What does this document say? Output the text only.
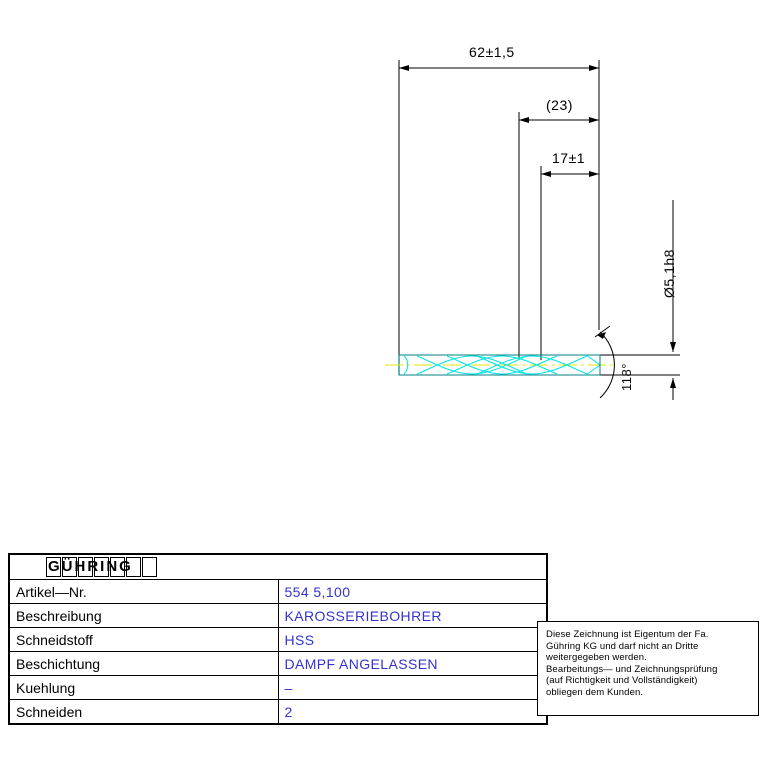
62±1,5
(23)
17±1
Ø5,1h8
118°
GÜHRING	

Artikel—Nr.	554 5,100
Beschreibung	KAROSSERIEBOHRER
Schneidstoff	HSS
Beschichtung	DAMPF ANGELASSEN
Kuehlung	–
Schneiden	2

Diese Zeichnung ist Eigentum der Fa.

Gühring KG und darf nicht an Dritte

weitergegeben werden.

Bearbeitungs— und Zeichnungsprüfung

(auf Richtigkeit und Vollständigkeit)

obliegen dem Kunden.
